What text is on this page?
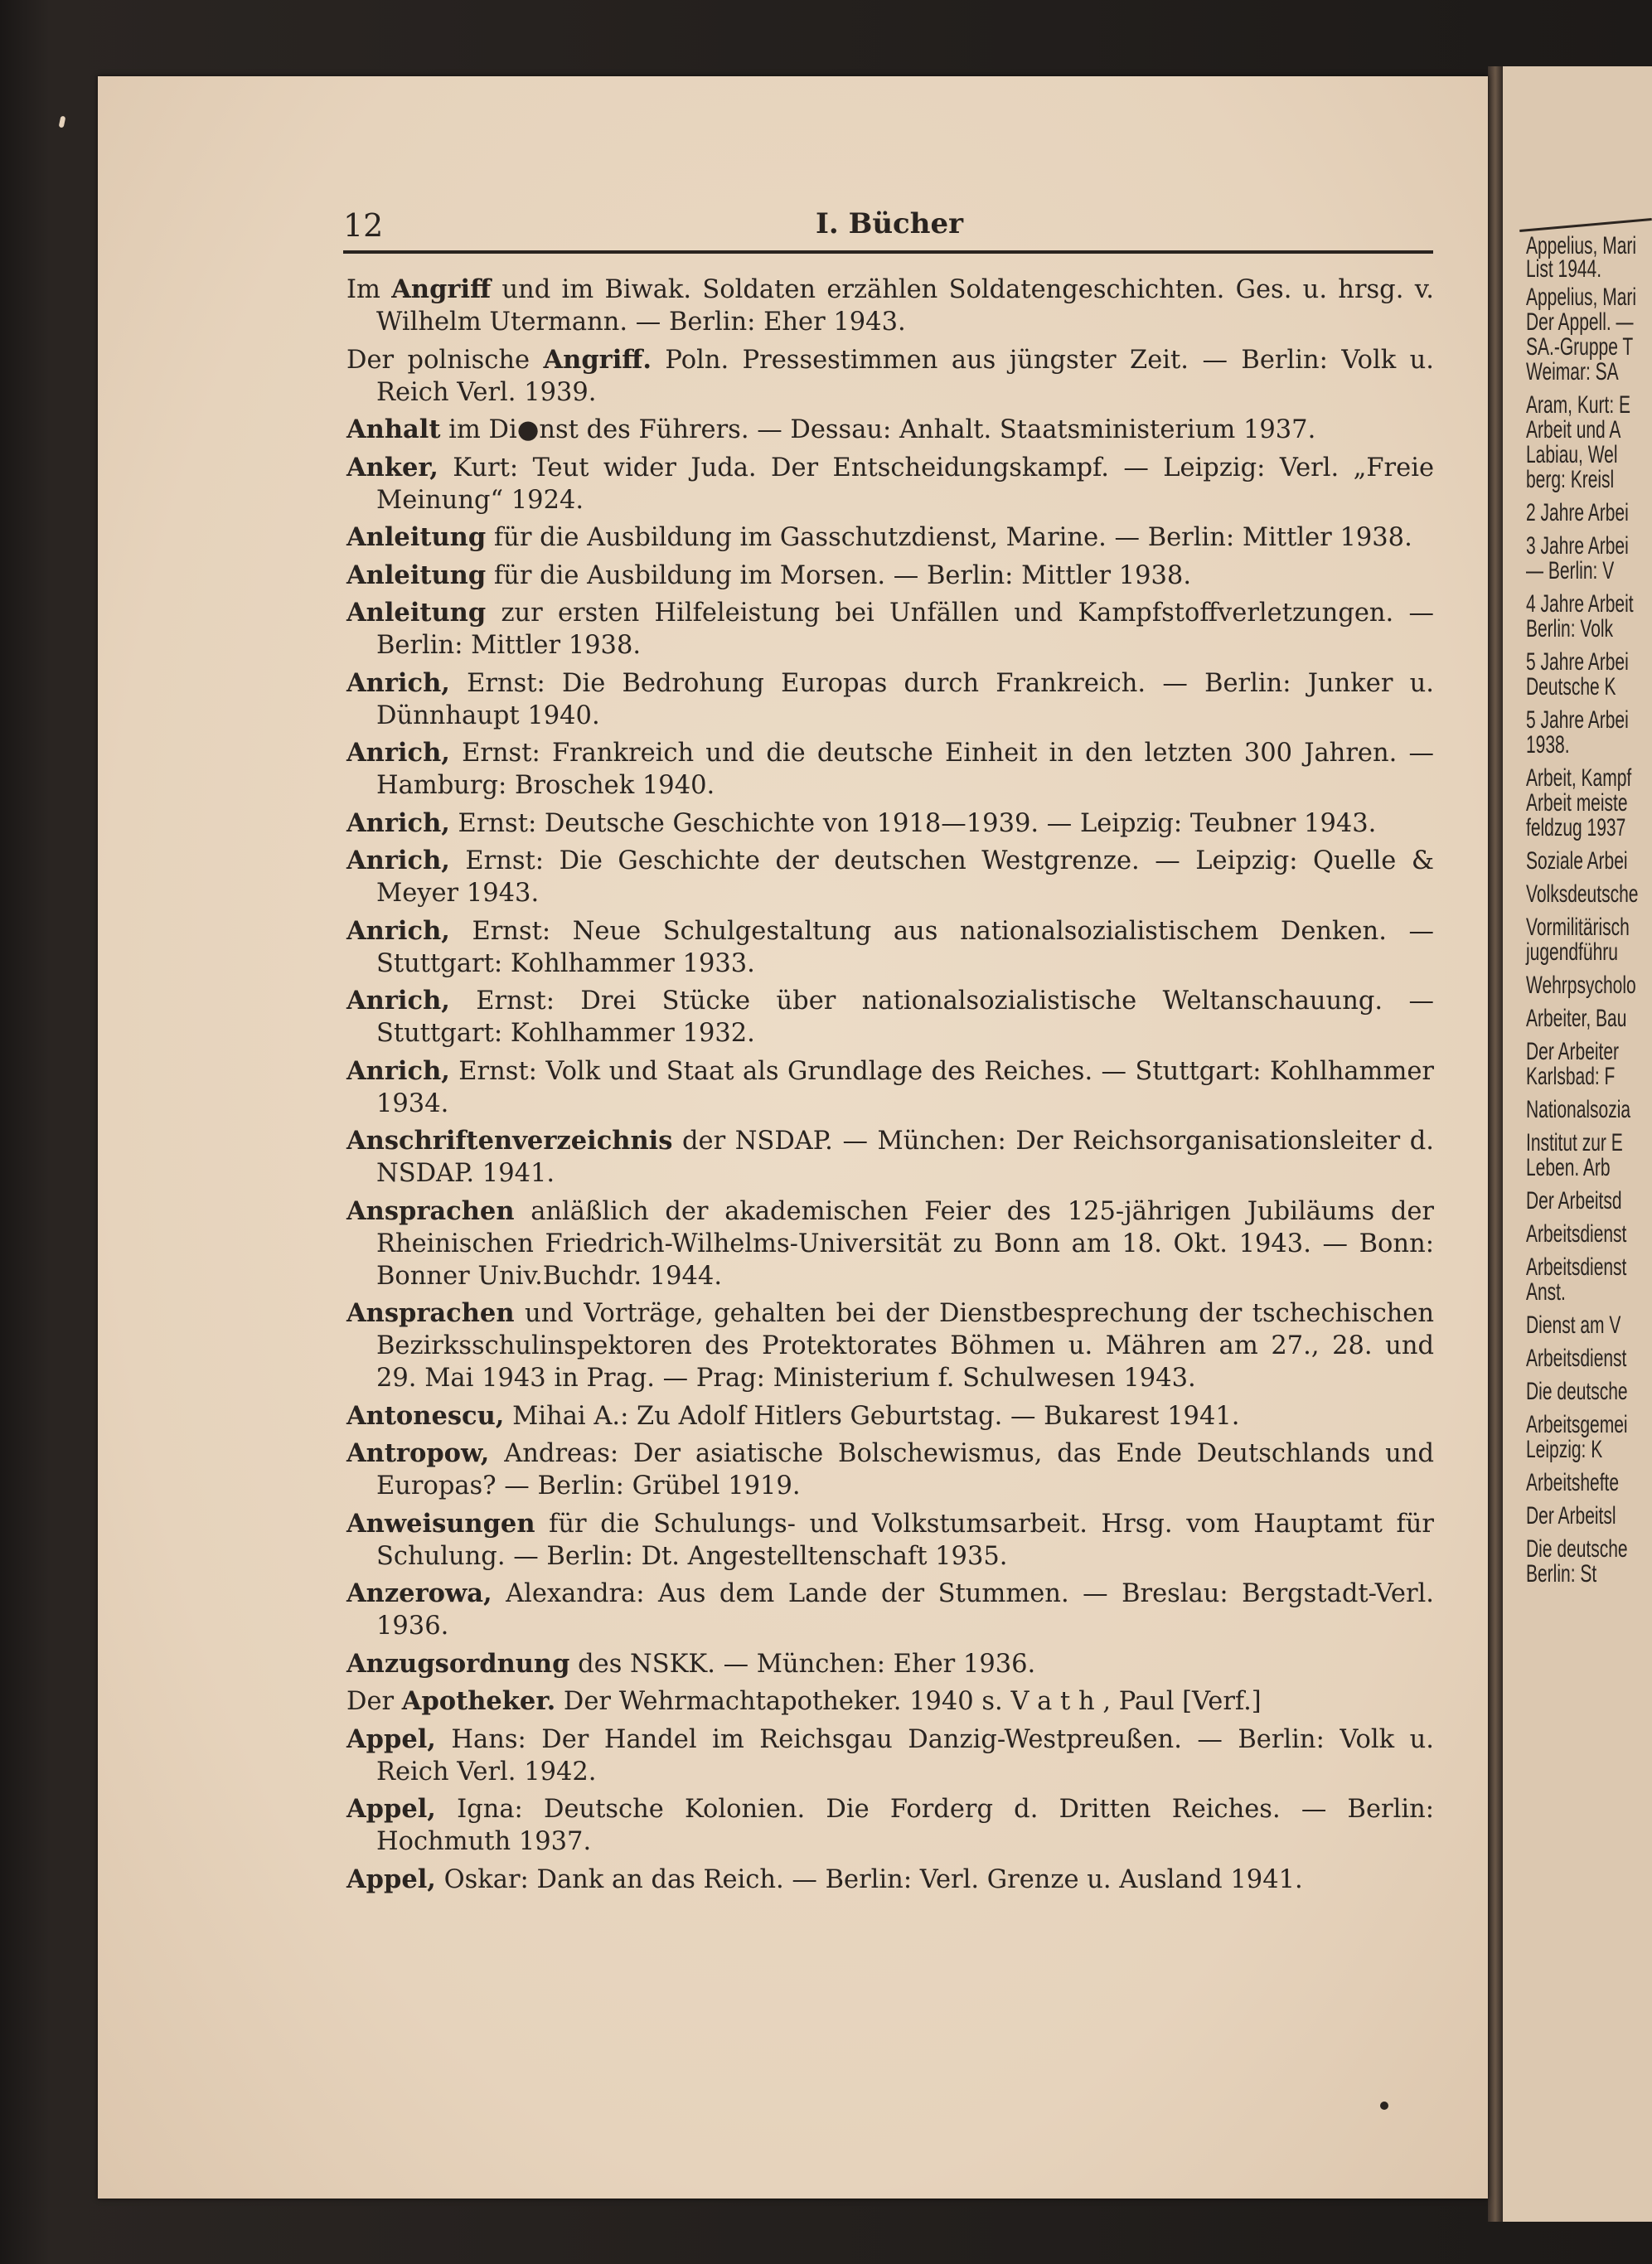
Appelius, Mari
List 1944.
Appelius, Mari
Der Appell. —
SA.-Gruppe T
Weimar: SA
Aram, Kurt: E
Arbeit und A
Labiau, Wel
berg: Kreisl
2 Jahre Arbei
3 Jahre Arbei
— Berlin: V
4 Jahre Arbeit
Berlin: Volk
5 Jahre Arbei
Deutsche K
5 Jahre Arbei
1938.
Arbeit, Kampf
Arbeit meiste
feldzug 1937
Soziale Arbei
Volksdeutsche
Vormilitärisch
jugendführu
Wehrpsycholo
Arbeiter, Bau
Der Arbeiter
Karlsbad: F
Nationalsozia
Institut zur E
Leben. Arb
Der Arbeitsd
Arbeitsdienst
Arbeitsdienst
Anst.
Dienst am V
Arbeitsdienst
Die deutsche
Arbeitsgemei
Leipzig: K
Arbeitshefte
Der Arbeitsl
Die deutsche
Berlin: St
12	I. Bücher
Im Angriff und im Biwak. Soldaten erzählen Soldatengeschichten. Ges. u. hrsg. v. Wilhelm Utermann. — Berlin: Eher 1943.
Der polnische Angriff. Poln. Pressestimmen aus jüngster Zeit. — Berlin: Volk u. Reich Verl. 1939.
Anhalt im Di●nst des Führers. — Dessau: Anhalt. Staatsministerium 1937.
Anker, Kurt: Teut wider Juda. Der Entscheidungskampf. — Leipzig: Verl. „Freie Meinung“ 1924.
Anleitung für die Ausbildung im Gasschutzdienst, Marine. — Berlin: Mittler 1938.
Anleitung für die Ausbildung im Morsen. — Berlin: Mittler 1938.
Anleitung zur ersten Hilfeleistung bei Unfällen und Kampfstoffverletzungen. — Berlin: Mittler 1938.
Anrich, Ernst: Die Bedrohung Europas durch Frankreich. — Berlin: Junker u. Dünnhaupt 1940.
Anrich, Ernst: Frankreich und die deutsche Einheit in den letzten 300 Jahren. — Hamburg: Broschek 1940.
Anrich, Ernst: Deutsche Geschichte von 1918—1939. — Leipzig: Teubner 1943.
Anrich, Ernst: Die Geschichte der deutschen Westgrenze. — Leipzig: Quelle & Meyer 1943.
Anrich, Ernst: Neue Schulgestaltung aus nationalsozialistischem Denken. — Stuttgart: Kohlhammer 1933.
Anrich, Ernst: Drei Stücke über nationalsozialistische Weltanschauung. — Stuttgart: Kohlhammer 1932.
Anrich, Ernst: Volk und Staat als Grundlage des Reiches. — Stuttgart: Kohlhammer 1934.
Anschriftenverzeichnis der NSDAP. — München: Der Reichsorganisationsleiter d. NSDAP. 1941.
Ansprachen anläßlich der akademischen Feier des 125-jährigen Jubiläums der Rheinischen Friedrich-Wilhelms-Universität zu Bonn am 18. Okt. 1943. — Bonn: Bonner Univ.Buchdr. 1944.
Ansprachen und Vorträge, gehalten bei der Dienstbesprechung der tschechischen Bezirksschulinspektoren des Protektorates Böhmen u. Mähren am 27., 28. und 29. Mai 1943 in Prag. — Prag: Ministerium f. Schulwesen 1943.
Antonescu, Mihai A.: Zu Adolf Hitlers Geburtstag. — Bukarest 1941.
Antropow, Andreas: Der asiatische Bolschewismus, das Ende Deutschlands und Europas? — Berlin: Grübel 1919.
Anweisungen für die Schulungs- und Volkstumsarbeit. Hrsg. vom Hauptamt für Schulung. — Berlin: Dt. Angestelltenschaft 1935.
Anzerowa, Alexandra: Aus dem Lande der Stummen. — Breslau: Bergstadt-Verl. 1936.
Anzugsordnung des NSKK. — München: Eher 1936.
Der Apotheker. Der Wehrmachtapotheker. 1940 s. V a t h , Paul [Verf.]
Appel, Hans: Der Handel im Reichsgau Danzig-Westpreußen. — Berlin: Volk u. Reich Verl. 1942.
Appel, Igna: Deutsche Kolonien. Die Forderg d. Dritten Reiches. — Berlin: Hochmuth 1937.
Appel, Oskar: Dank an das Reich. — Berlin: Verl. Grenze u. Ausland 1941.
